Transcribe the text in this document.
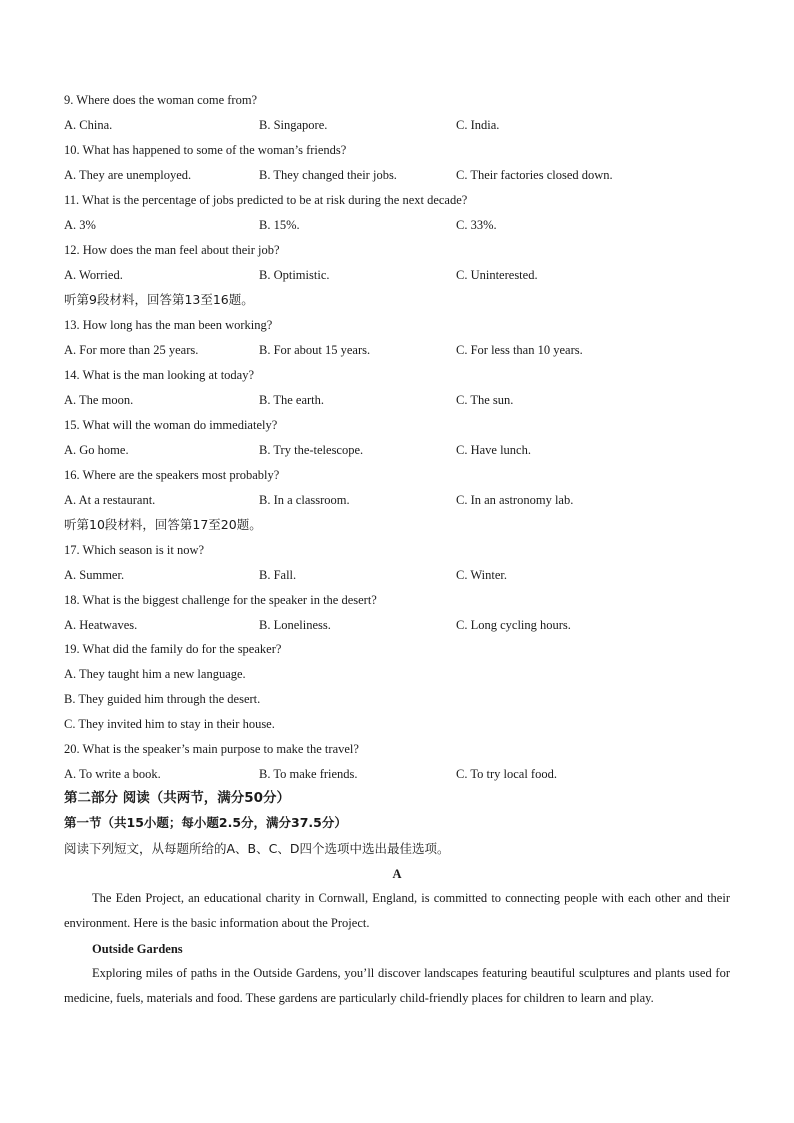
9. Where does the woman come from?
A. China.	B. Singapore.	C. India.
10. What has happened to some of the woman’s friends?
A. They are unemployed.	B. They changed their jobs.	C. Their factories closed down.
11. What is the percentage of jobs predicted to be at risk during the next decade?
A. 3%	B. 15%.	C. 33%.
12. How does the man feel about their job?
A. Worried.	B. Optimistic.	C. Uninterested.
听第9段材料，回答第13至16题。
13. How long has the man been working?
A. For more than 25 years.	B. For about 15 years.	C. For less than 10 years.
14. What is the man looking at today?
A. The moon.	B. The earth.	C. The sun.
15. What will the woman do immediately?
A. Go home.	B. Try the-telescope.	C. Have lunch.
16. Where are the speakers most probably?
A. At a restaurant.	B. In a classroom.	C. In an astronomy lab.
听第10段材料，回答第17至20题。
17. Which season is it now?
A. Summer.	B. Fall.	C. Winter.
18. What is the biggest challenge for the speaker in the desert?
A. Heatwaves.	B. Loneliness.	C. Long cycling hours.
19. What did the family do for the speaker?
A. They taught him a new language.
B. They guided him through the desert.
C. They invited him to stay in their house.
20. What is the speaker’s main purpose to make the travel?
A. To write a book.	B. To make friends.	C. To try local food.
第二部分 阅读（共两节，满分50分）
第一节（共15小题；每小题2.5分，满分37.5分）
阅读下列短文，从每题所给的A、B、C、D四个选项中选出最佳选项。
A

The Eden Project, an educational charity in Cornwall, England, is committed to connecting people with each other and their environment. Here is the basic information about the Project.

Outside Gardens

Exploring miles of paths in the Outside Gardens, you’ll discover landscapes featuring beautiful sculptures and plants used for medicine, fuels, materials and food. These gardens are particularly child-friendly places for children to learn and play.
